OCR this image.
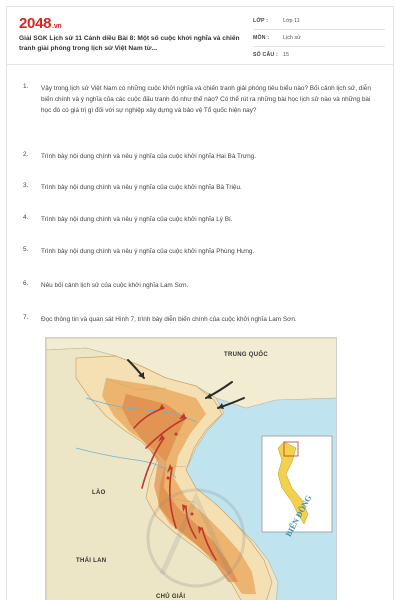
2048.vn
Giải SGK Lịch sử 11 Cánh diều Bài 8: Một số cuộc khởi nghĩa và chiến tranh giải phóng trong lịch sử Việt Nam từ...
LỚP :	Lớp 11
MÔN :	Lịch sử
SỐ CÂU : 15
1. Vậy trong lịch sử Việt Nam có những cuộc khởi nghĩa và chiến tranh giải phóng tiêu biểu nào? Bối cảnh lịch sử, diễn biến chính và ý nghĩa của các cuộc đấu tranh đó như thế nào? Có thể rút ra những bài học lịch sử nào và những bài học đó có giá trị gì đối với sự nghiệp xây dựng và bảo vệ Tổ quốc hiện nay?
2. Trình bày nội dung chính và nêu ý nghĩa của cuộc khởi nghĩa Hai Bà Trưng.
3. Trình bày nội dung chính và nêu ý nghĩa của cuộc khởi nghĩa Bà Triệu.
4. Trình bày nội dung chính và nêu ý nghĩa của cuộc khởi nghĩa Lý Bí.
5. Trình bày nội dung chính và nêu ý nghĩa của cuộc khởi nghĩa Phùng Hưng.
6. Nêu bối cảnh lịch sử của cuộc khởi nghĩa Lam Sơn.
7. Đọc thông tin và quan sát Hình 7, trình bày diễn biến chính của cuộc khởi nghĩa Lam Sơn.
TRUNG QUỐC
LÀO
THÁI LAN
CHỦ GIẢI
BIỂN ĐÔNG
